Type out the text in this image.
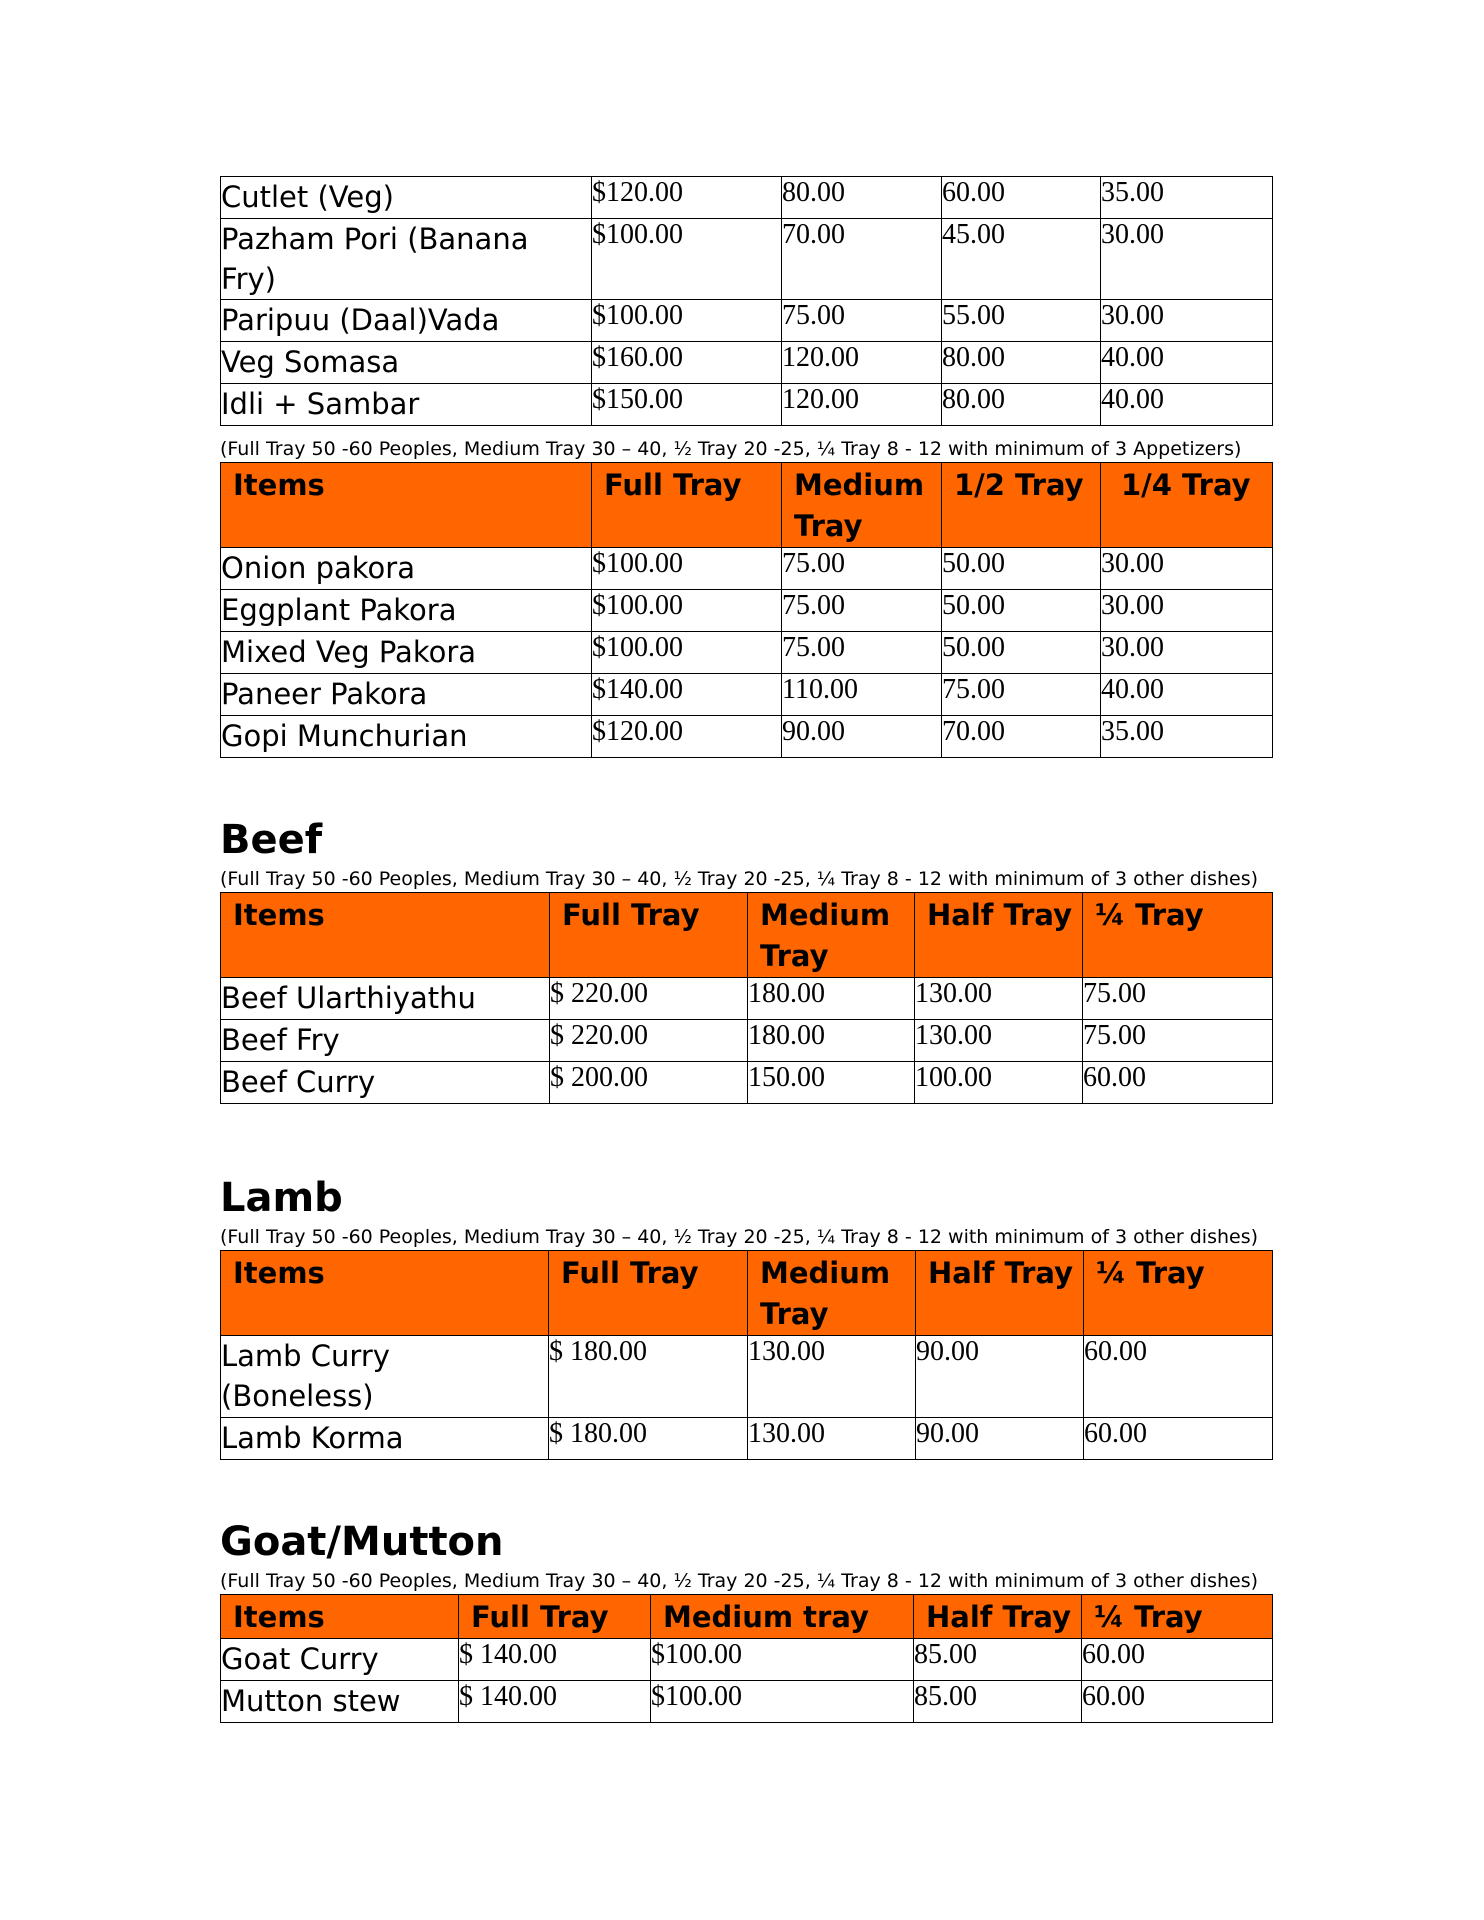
Cutlet (Veg)	$120.00	80.00	60.00	35.00
Pazham Pori (Banana Fry)	$100.00	70.00	45.00	30.00
Paripuu (Daal)Vada	$100.00	75.00	55.00	30.00
Veg Somasa	$160.00	120.00	80.00	40.00
Idli + Sambar	$150.00	120.00	80.00	40.00
(Full Tray 50 -60 Peoples, Medium Tray 30 – 40, ½ Tray 20 -25, ¼ Tray 8 - 12 with minimum of 3 Appetizers)
Items	Full Tray	Medium Tray	1/2 Tray	1/4 Tray
Onion pakora	$100.00	75.00	50.00	30.00
Eggplant Pakora	$100.00	75.00	50.00	30.00
Mixed Veg Pakora	$100.00	75.00	50.00	30.00
Paneer Pakora	$140.00	110.00	75.00	40.00
Gopi Munchurian	$120.00	90.00	70.00	35.00
Beef
(Full Tray 50 -60 Peoples, Medium Tray 30 – 40, ½ Tray 20 -25, ¼ Tray 8 - 12 with minimum of 3 other dishes)
Items	Full Tray	Medium Tray	Half Tray	¼ Tray
Beef Ularthiyathu	$ 220.00	180.00	130.00	75.00
Beef Fry	$ 220.00	180.00	130.00	75.00
Beef Curry	$ 200.00	150.00	100.00	60.00
Lamb
(Full Tray 50 -60 Peoples, Medium Tray 30 – 40, ½ Tray 20 -25, ¼ Tray 8 - 12 with minimum of 3 other dishes)
Items	Full Tray	Medium Tray	Half Tray	¼ Tray
Lamb Curry (Boneless)	$ 180.00	130.00	90.00	60.00
Lamb Korma	$ 180.00	130.00	90.00	60.00
Goat/Mutton
(Full Tray 50 -60 Peoples, Medium Tray 30 – 40, ½ Tray 20 -25, ¼ Tray 8 - 12 with minimum of 3 other dishes)
Items	Full Tray	Medium tray	Half Tray	¼ Tray
Goat Curry	$ 140.00	$100.00	85.00	60.00
Mutton stew	$ 140.00	$100.00	85.00	60.00
